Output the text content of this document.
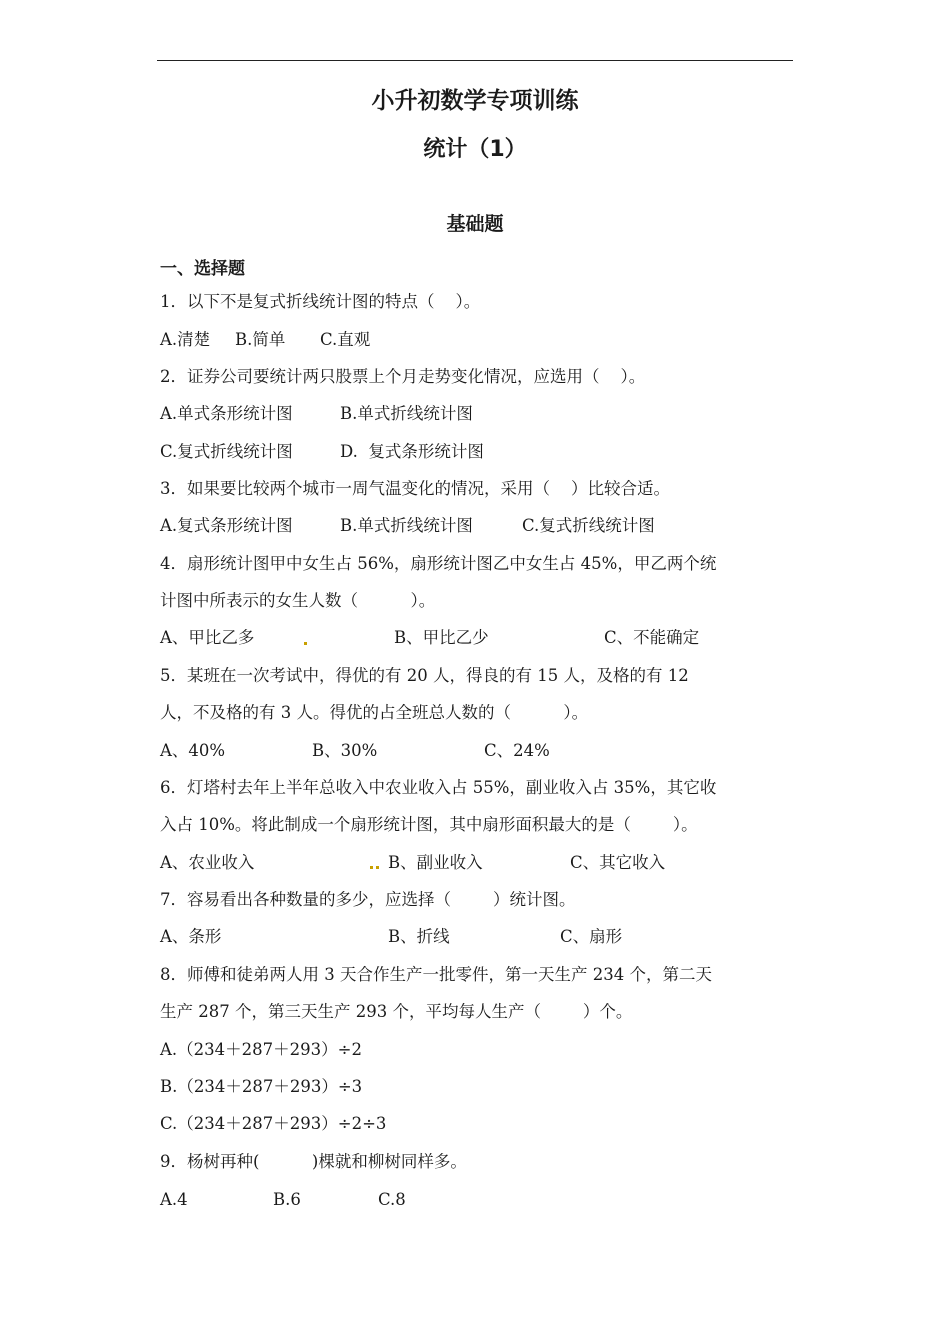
小升初数学专项训练
统计（1）
基础题
一、选择题
1．以下不是复式折线统计图的特点（    ）。
A.清楚 B.简单 C.直观
2．证券公司要统计两只股票上个月走势变化情况，应选用（    ）。
A.单式条形统计图	B.单式折线统计图
C.复式折线统计图	D.  复式条形统计图
3．如果要比较两个城市一周气温变化的情况，采用（    ）比较合适。
A.复式条形统计图	B.单式折线统计图	C.复式折线统计图
4．扇形统计图甲中女生占 56%，扇形统计图乙中女生占 45%，甲乙两个统
计图中所表示的女生人数（          ）。
A、甲比乙多	B、甲比乙少	C、不能确定
5．某班在一次考试中，得优的有 20 人，得良的有 15 人，及格的有 12
人，不及格的有 3 人。得优的占全班总人数的（          ）。
A、40%	B、30%	C、24%
6．灯塔村去年上半年总收入中农业收入占 55%，副业收入占 35%，其它收
入占 10%。将此制成一个扇形统计图，其中扇形面积最大的是（        ）。
A、农业收入	B、副业收入	C、其它收入
7．容易看出各种数量的多少，应选择（        ）统计图。
A、条形	B、折线	C、扇形
8．师傅和徒弟两人用 3 天合作生产一批零件，第一天生产 234 个，第二天
生产 287 个，第三天生产 293 个，平均每人生产（        ）个。
A.（234＋287＋293）÷2
B.（234＋287＋293）÷3
C.（234＋287＋293）÷2÷3
9．杨树再种(          )棵就和柳树同样多。
A.4	B.6	C.8
